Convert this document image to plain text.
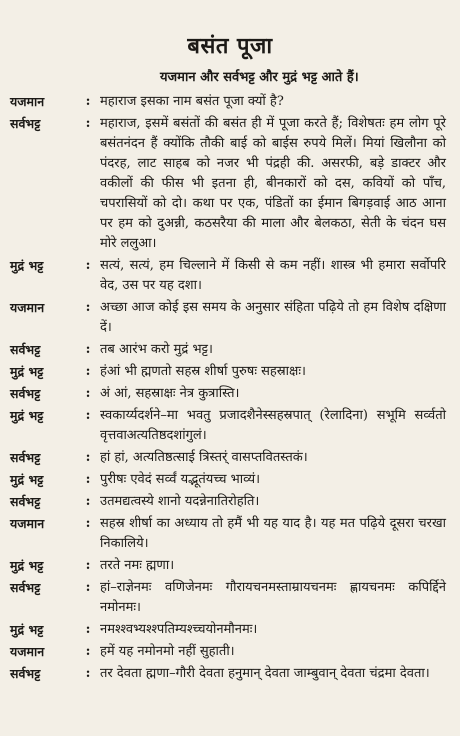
बसंत पूजा
यजमान और सर्वभट्ट और मुद्रं भट्ट आते हैं।
यजमान	: महाराज इसका नाम बसंत पूजा क्यों है?
सर्वभट्ट	: महाराज, इसमें बसंतों की बसंत ही में पूजा करते हैं; विशेषतः हम लोग पूरे बसंतनंदन हैं क्योंकि तौकी बाई को बाईस रुपये मिलें। मियां खिलौना को पंदरह, लाट साहब को नजर भी पंद्रही की. असरफी, बड़े डाक्टर और वकीलों की फीस भी इतना ही, बीनकारों को दस, कवियों को पाँच, चपरासियों को दो। कथा पर एक, पंडितों का ईमान बिगड़वाई आठ आना पर हम को दुअन्नी, कठसरैया की माला और बेलकठा, सेती के चंदन घस मोरे ललुआ।
मुद्रं भट्ट	: सत्यं, सत्यं, हम चिल्लाने में किसी से कम नहीं। शास्त्र भी हमारा सर्वोपरि वेद, उस पर यह दशा।
यजमान	: अच्छा आज कोई इस समय के अनुसार संहिता पढ़िये तो हम विशेष दक्षिणा दें।
सर्वभट्ट	: तब आरंभ करो मुद्रं भट्ट।
मुद्रं भट्ट	: हंआं भी ह्मणतो सहस्र शीर्षा पुरुषः सहस्राक्षः।
सर्वभट्ट	: अं आं, सहस्राक्षः नेत्र कुत्रास्ति।
मुद्रं भट्ट	: स्वकार्य्यदर्शने–मा भवतु प्रजादशैनेस्सहस्रपात् (रेलादिना) सभूमि सर्व्वतो वृत्तवाअत्यतिष्ठदशांगुलं।
सर्वभट्ट	: हां हां, अत्यतिष्ठत्साई त्रिस्तर्ं वासप्तवितस्तकं।
मुद्रं भट्ट	: पुरीषः एवेदं सर्व्वं यद्भूतंयच्च भाव्यं।
सर्वभट्ट	: उतमद्यत्वस्ये शानो यदन्नेनातिरोहति।
यजमान	: सहस्र शीर्षा का अध्याय तो हमैं भी यह याद है। यह मत पढ़िये दूसरा चरखा निकालिये।
मुद्रं भट्ट	: तरते नमः ह्मणा।
सर्वभट्ट	: हां–राज्ञेनमः वणिजेनमः गौरायचनमस्ताम्रायचनमः ह्णायचनमः कपिर्द्दिने नमोनमः।
मुद्रं भट्ट	: नमश्श्वभ्यश्श्पतिम्यश्च्चयोनमौनमः।
यजमान	: हमें यह नमोनमो नहीं सुहाती।
सर्वभट्ट	: तर देवता ह्मणा–गौरी देवता हनुमान् देवता जाम्बुवान् देवता चंद्रमा देवता।
